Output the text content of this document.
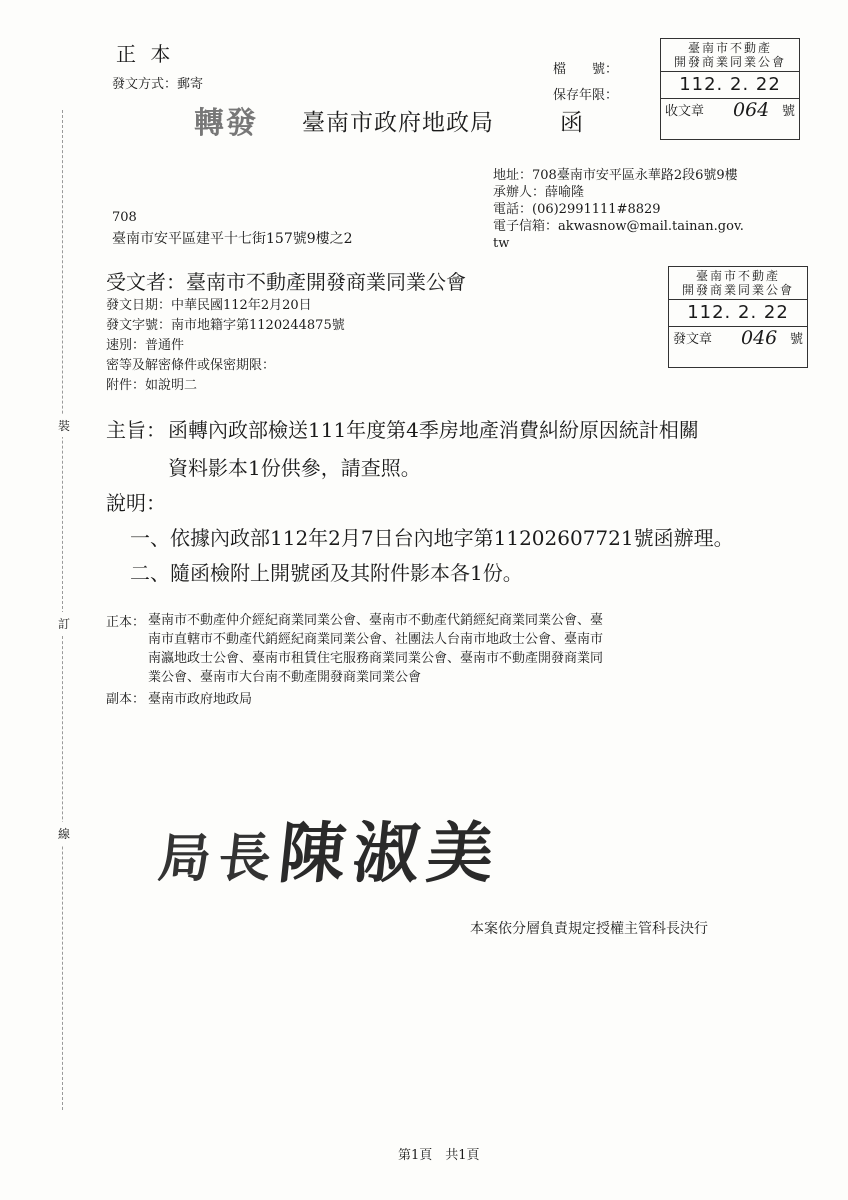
裝
訂
線
正 本
發文方式：郵寄
檔　　號：
保存年限：
轉發 臺南市政府地政局	函
臺南市不動產
開發商業同業公會
112. 2. 22
收文章 064 號
地址：708臺南市安平區永華路2段6號9樓
承辦人：薛喻隆
電話：(06)2991111#8829
電子信箱：akwasnow@mail.tainan.gov.
tw
708
臺南市安平區建平十七街157號9樓之2
受文者：臺南市不動產開發商業同業公會	臺南市不動產
開發商業同業公會
112. 2. 22
發文章 046 號
發文日期：中華民國112年2月20日
發文字號：南市地籍字第1120244875號
速別：普通件
密等及解密條件或保密期限：
附件：如說明二
主旨： 函轉內政部檢送111年度第4季房地產消費糾紛原因統計相關
資料影本1份供參，請查照。
說明：
一、依據內政部112年2月7日台內地字第11202607721號函辦理。
二、隨函檢附上開號函及其附件影本各1份。
正本： 臺南市不動產仲介經紀商業同業公會、臺南市不動產代銷經紀商業同業公會、臺

南市直轄市不動產代銷經紀商業同業公會、社團法人台南市地政士公會、臺南市

南瀛地政士公會、臺南市租賃住宅服務商業同業公會、臺南市不動產開發商業同

業公會、臺南市大台南不動產開發商業同業公會

副本： 臺南市政府地政局
局長陳淑美
本案依分層負責規定授權主管科長決行
第1頁　共1頁
